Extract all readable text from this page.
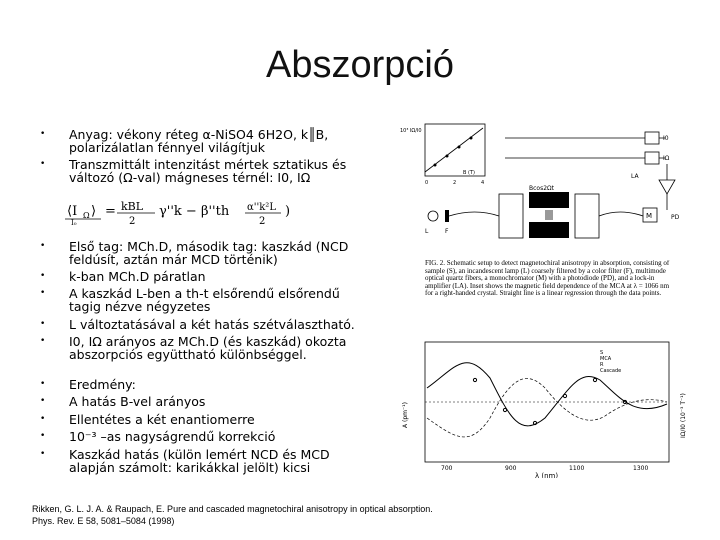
Abszorpció
• Anyag: vékony réteg α-NiSO4 6H2O, k║B, polarizálatlan fénnyel világítjuk
• Transzmittált intenzitást mértek sztatikus és változó (Ω-val) mágneses térnél: I0, IΩ
• Első tag: MCh.D, második tag: kaszkád (NCD feldúsít, aztán már MCD történik)
• k-ban MCh.D páratlan
• A kaszkád L-ben a th-t elsőrendű elsőrendű tagig nézve négyzetes
• L változtatásával a két hatás szétválasztható.
• I0, IΩ arányos az MCh.D (és kaszkád) okozta abszorpciós együttható különbséggel.
• Eredmény:
• A hatás B-vel arányos
• Ellentétes a két enantiomerre
• 10⁻³ –as nagyságrendű korrekció
• Kaszkád hatás (külön lemért NCD és MCD alapján számolt: karikákkal jelölt) kicsi
⟨I Ω ⟩
I₀
= kBL
2
γ''k − β''th α''k²L
2
)
10³ IΩ/I0
0	2	4
B (T)
I0
IΩ
LA
Bcos2Ωt
S
L	F
M	PD
FIG. 2. Schematic setup to detect magnetochiral anisotropy in absorption, consisting of sample (S), an incandescent lamp (L) coarsely filtered by a color filter (F), multimode optical quartz fibers, a monochromator (M) with a photodiode (PD), and a lock-in amplifier (LA). Inset shows the magnetic field dependence of the MCA at λ = 1066 nm for a right-handed crystal. Straight line is a linear regression through the data points.
S
MCA
R
Cascade
700	900	1100	1300
λ (nm)
A (pm⁻¹)	IΩ/I0 (10⁻³ T⁻¹)
Rikken, G. L. J. A. & Raupach, E. Pure and cascaded magnetochiral anisotropy in optical absorption.
Phys. Rev. E 58, 5081–5084 (1998)
